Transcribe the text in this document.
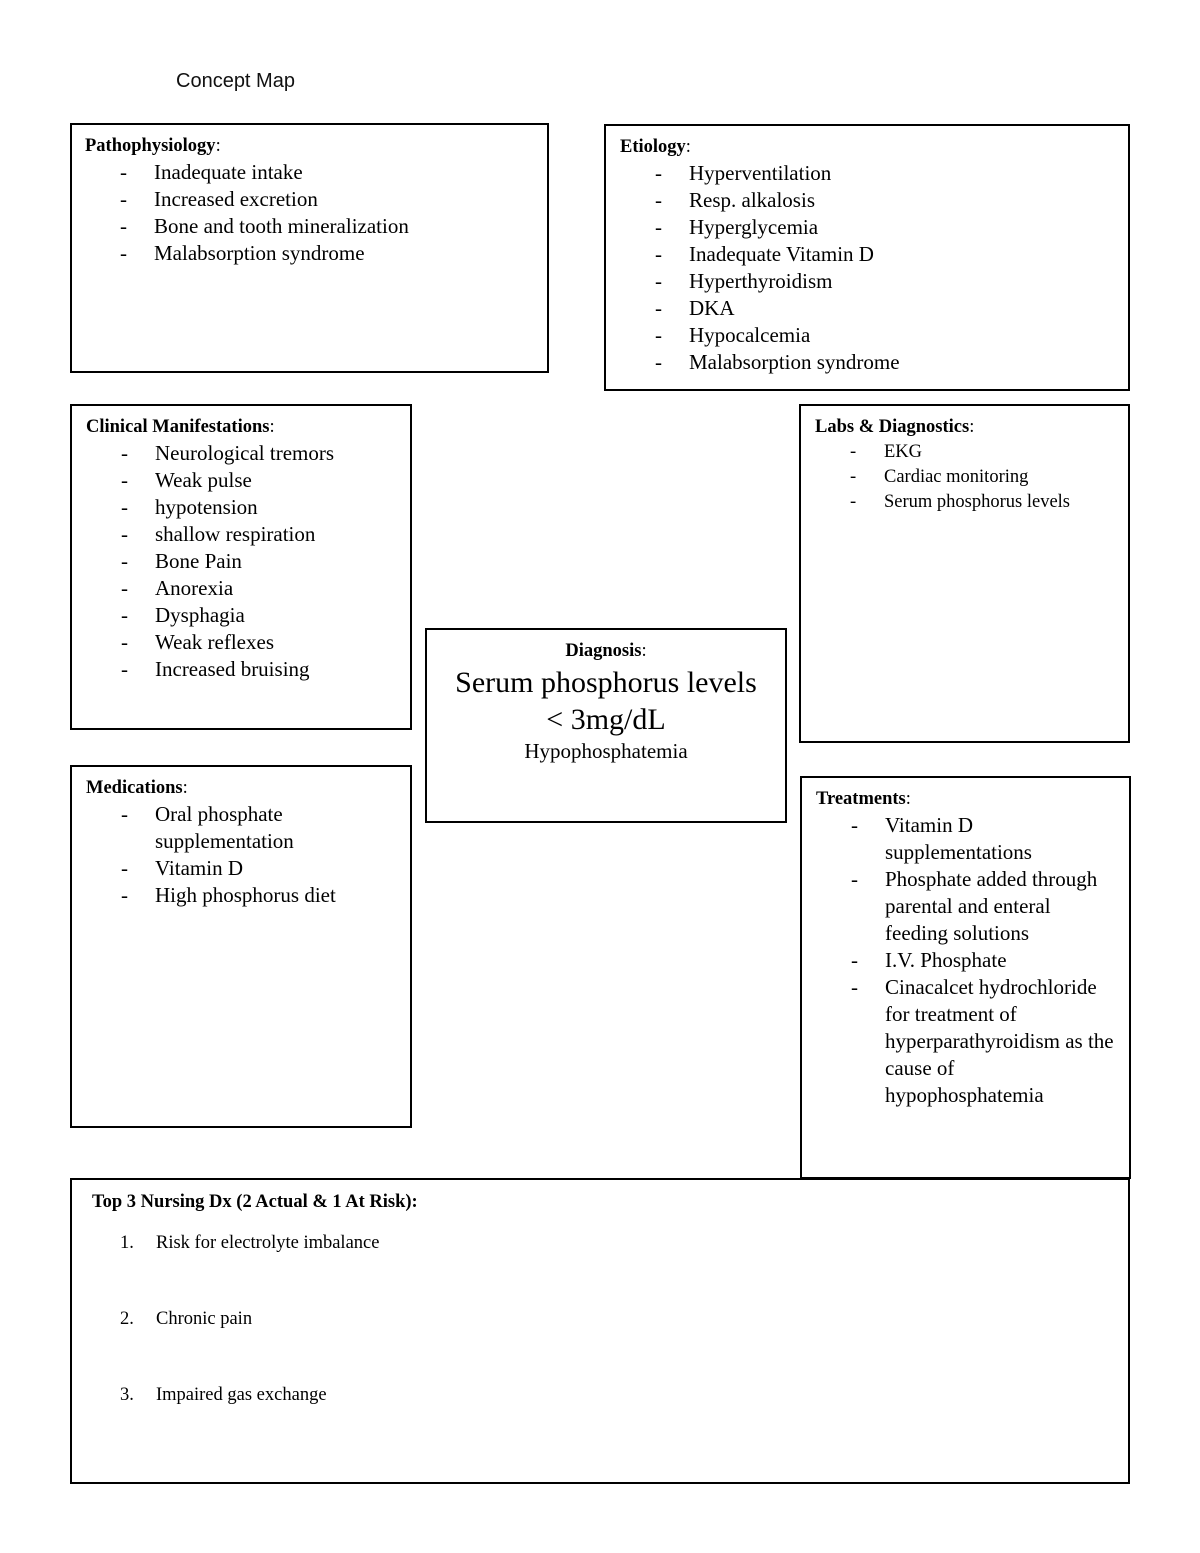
Concept Map

Pathophysiology:

- Inadequate intake
- Increased excretion
- Bone and tooth mineralization
- Malabsorption syndrome

Etiology:

- Hyperventilation
- Resp. alkalosis
- Hyperglycemia
- Inadequate Vitamin D
- Hyperthyroidism
- DKA
- Hypocalcemia
- Malabsorption syndrome

Clinical Manifestations:

- Neurological tremors
- Weak pulse
- hypotension
- shallow respiration
- Bone Pain
- Anorexia
- Dysphagia
- Weak reflexes
- Increased bruising

Labs & Diagnostics:

- EKG
- Cardiac monitoring
- Serum phosphorus levels

Diagnosis:

Serum phosphorus levels
< 3mg/dL
Hypophosphatemia

Medications:

- Oral phosphate supplementation
- Vitamin D
- High phosphorus diet

Treatments:

- Vitamin D supplementations
- Phosphate added through parental and enteral feeding solutions
- I.V. Phosphate
- Cinacalcet hydrochloride for treatment of hyperparathyroidism as the cause of hypophosphatemia

Top 3 Nursing Dx (2 Actual & 1 At Risk):

1.	Risk for electrolyte imbalance
2.	Chronic pain
3.	Impaired gas exchange
